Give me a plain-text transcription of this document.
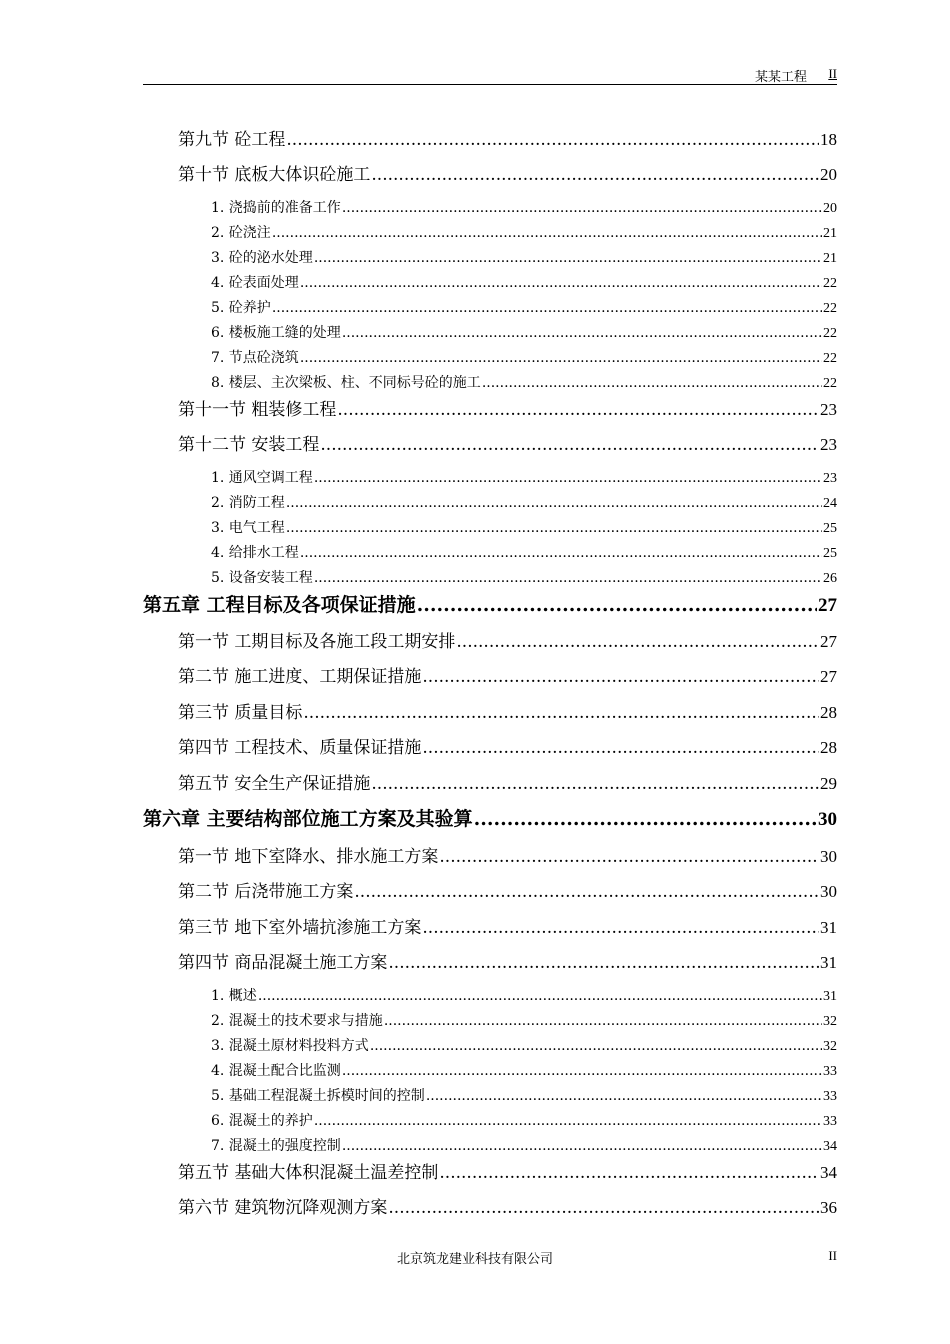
某某工程 II
第九节 砼工程 .....	18
第十节 底板大体识砼施工 .....	20
1. 浇捣前的准备工作 .....	20
2. 砼浇注 .....	21
3. 砼的泌水处理 .....	21
4. 砼表面处理 .....	22
5. 砼养护 .....	22
6. 楼板施工缝的处理 .....	22
7. 节点砼浇筑 .....	22
8. 楼层、主次梁板、柱、不同标号砼的施工 .....	22
第十一节 粗装修工程 .....	23
第十二节 安装工程 .....	23
1. 通风空调工程 .....	23
2. 消防工程 .....	24
3. 电气工程 .....	25
4. 给排水工程 .....	25
5. 设备安装工程 .....	26
第五章 工程目标及各项保证措施 .....	27
第一节 工期目标及各施工段工期安排 .....	27
第二节 施工进度、工期保证措施 .....	27
第三节 质量目标 .....	28
第四节 工程技术、质量保证措施 .....	28
第五节 安全生产保证措施 .....	29
第六章 主要结构部位施工方案及其验算 .....	30
第一节 地下室降水、排水施工方案 .....	30
第二节 后浇带施工方案 .....	30
第三节 地下室外墙抗渗施工方案 .....	31
第四节 商品混凝土施工方案 .....	31
1. 概述 .....	31
2. 混凝土的技术要求与措施 .....	32
3. 混凝土原材料投料方式 .....	32
4. 混凝土配合比监测 .....	33
5. 基础工程混凝土拆模时间的控制 .....	33
6. 混凝土的养护 .....	33
7. 混凝土的强度控制 .....	34
第五节 基础大体积混凝土温差控制 .....	34
第六节 建筑物沉降观测方案 .....	36
北京筑龙建业科技有限公司	II
